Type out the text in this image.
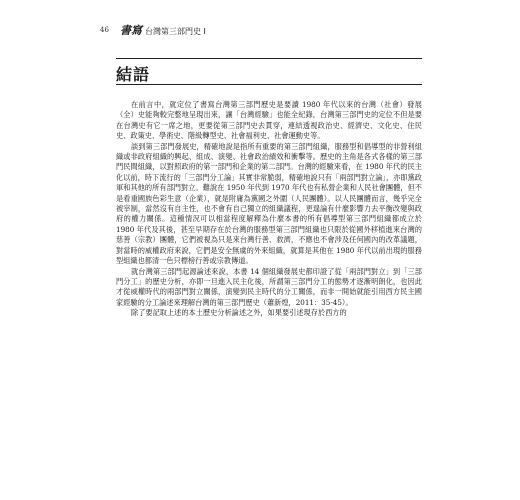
46 書寫 台灣第三部門史 I
結語

在前言中，就定位了書寫台灣第三部門歷史是要讀 1980 年代以來的台灣（社會）發展（全）史能夠較完整地呈現出來，讓「台灣經驗」也能全紀錄，台灣第三部門史的定位不但是要在台灣史有它一席之地，更要從第三部門史去貫穿，連結透視政治史、經濟史、文化史、住民史、政策史、學術史、階級轉型史、社會福利史、社會運動史等。

談到第三部門發展史，精確地說是指所有重要的第三部門組織，服務型和倡導型的非營利組織或非政府組織的興起、組成、演變、社會政治績效和衝擊等。歷史的主角是各式各樣的第三部門民間組織，以對照政府的第一部門和企業的第二部門。台灣的經驗來看，在 1980 年代的民主化以前，時下流行的「三部門分工論」其實非常脆弱，精確地說只有「兩部門對立論」，亦即黨政軍和其他的所有部門對立。難說在 1950 年代到 1970 年代也有私營企業和人民社會團體，但不是看重國族色彩生意（企業），就是附庸為黨國之外圍（人民團體）。以人民團體而言，幾乎完全被宰制，當然沒有自主性，也不會有自己獨立的組織議程，更遑論有什麼影響力去平衡改變與政府的權力關係。這種情況可以相當程度解釋為什麼本書的所有倡導型第三部門組織都成立於 1980 年代及其後，甚至早期存在於台灣的服務型第三部門組織也只限於從國外移植進來台灣的慈善（宗教）團體，它們被視為只是來台灣行善、救濟，不應也不會涉及任何國內的改革議題，對當時的威權政府來說，它們是安全無虞的外來組織，就算是其他在 1980 年代以前出現的服務型組織也都清一色只標榜行善或宗教傳道。

就台灣第三部門起源論述來說，本書 14 個組織發展史都印證了從「兩部門對立」到「三部門分工」的歷史分析，亦即一旦進入民主化後，所謂第三部門分工的態勢才逐漸明朗化，也因此才從威權時代的兩部門對立關係，演變到民主時代的分工關係，而非一開始就能引用西方民主國家經驗的分工論述來理解台灣的第三部門歷史（蕭新煌，2011：35-45）。

除了要記取上述的本土歷史分析論述之外，如果要引述現存於西方的
